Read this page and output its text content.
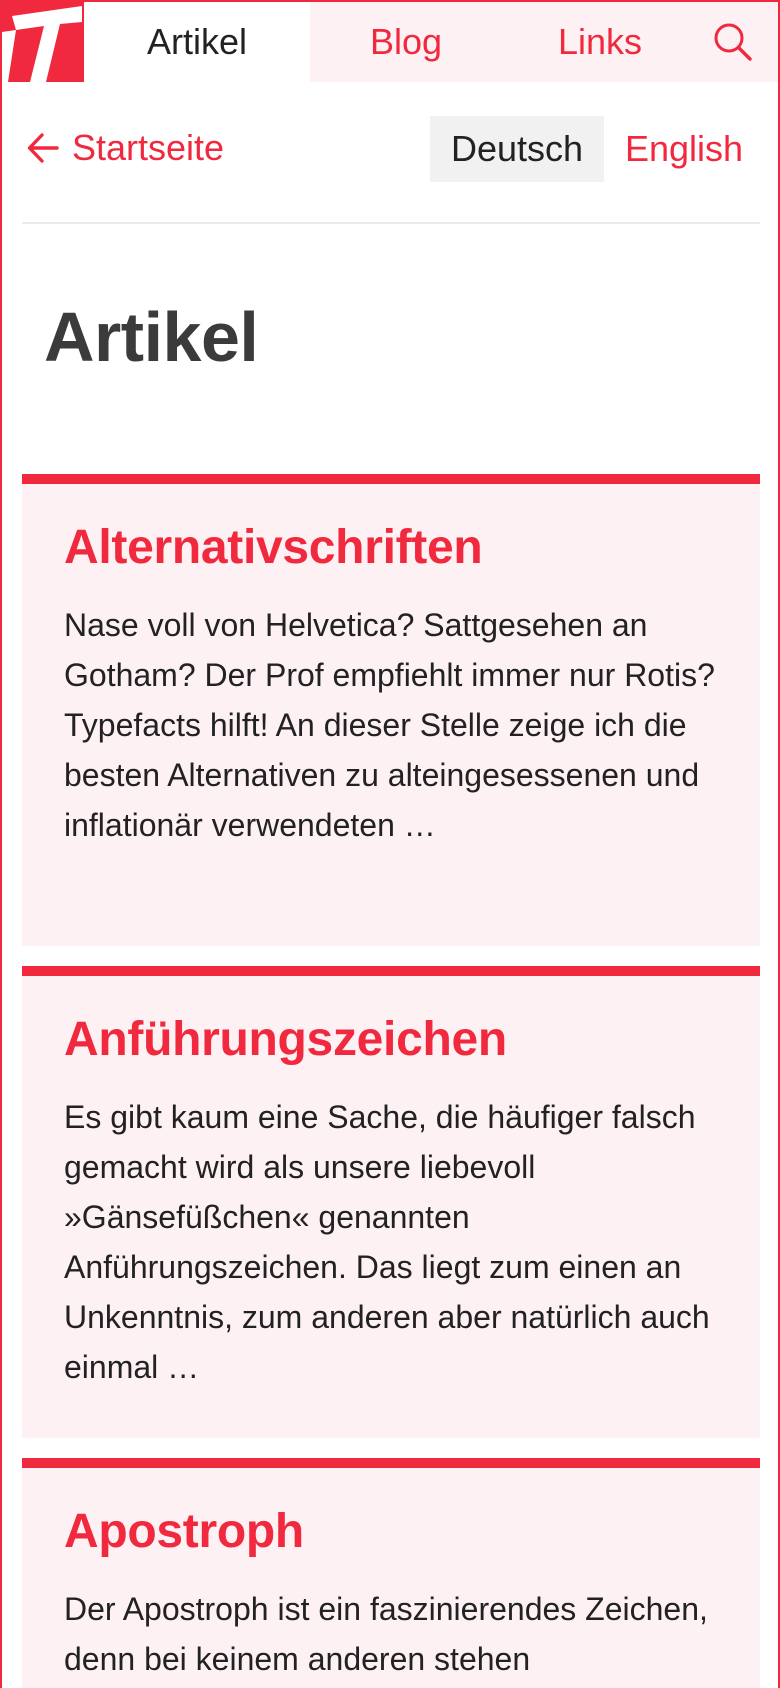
Artikel	Blog	Links
Startseite	Deutsch	English
Artikel
Alternativschriften

Nase voll von Helvetica? Sattgesehen an Gotham? Der Prof empfiehlt immer nur Rotis? Typefacts hilft! An dieser Stelle zeige ich die besten Alternativen zu alteingesessenen und inflationär verwendeten …

Anführungszeichen

Es gibt kaum eine Sache, die häufiger falsch gemacht wird als unsere liebevoll »Gänsefüßchen« genannten Anführungszeichen. Das liegt zum einen an Unkenntnis, zum anderen aber natürlich auch einmal …

Apostroph

Der Apostroph ist ein faszinierendes Zeichen, denn bei keinem anderen stehen
